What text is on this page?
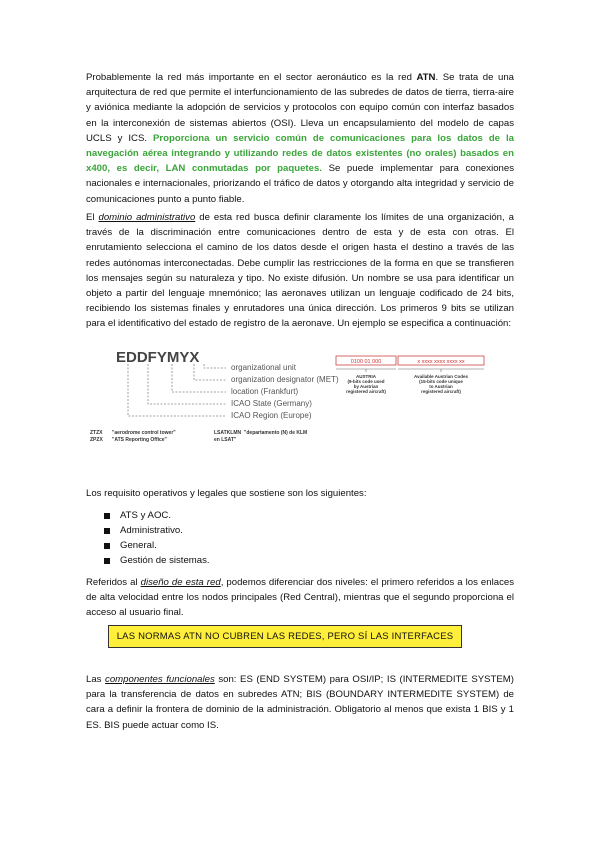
Probablemente la red más importante en el sector aeronáutico es la red ATN. Se trata de una arquitectura de red que permite el interfuncionamiento de las subredes de datos de tierra, tierra-aire y aviónica mediante la adopción de servicios y protocolos con equipo común con interfaz basados en la interconexión de sistemas abiertos (OSI). Lleva un encapsulamiento del modelo de capas UCLS y ICS. Proporciona un servicio común de comunicaciones para los datos de la navegación aérea integrando y utilizando redes de datos existentes (no orales) basados en x400, es decir, LAN conmutadas por paquetes. Se puede implementar para conexiones nacionales e internacionales, priorizando el tráfico de datos y otorgando alta integridad y servicio de comunicaciones punto a punto fiable.
El dominio administrativo de esta red busca definir claramente los límites de una organización, a través de la discriminación entre comunicaciones dentro de esta y de esta con otras. El enrutamiento selecciona el camino de los datos desde el origen hasta el destino a través de las redes autónomas interconectadas. Debe cumplir las restricciones de la forma en que se transfieren los mensajes según su naturaleza y tipo. No existe difusión. Un nombre se usa para identificar un objeto a partir del lenguaje mnemónico; las aeronaves utilizan un lenguaje codificado de 24 bits, recibiendo los sistemas finales y enrutadores una única dirección. Los primeros 9 bits se utilizan para el identificativo del estado de registro de la aeronave. Un ejemplo se especifica a continuación:
EDDFYMYX
organizational unit
organization designator (MET)
location (Frankfurt)
ICAO State (Germany)
ICAO Region (Europe)
ZTZX "aerodrome control tower"
ZPZX "ATS Reporting Office"
LSATKLMN "departamento (N) de KLM
en LSAT"
0100 01 000	x xxxx xxxx xxxx xx
AUSTRIA
(9-bits code used
by Austrian
registered aircraft)
Available Austrian Codes
(15-bits code unique
to Austrian
registered aircraft)
Los requisito operativos y legales que sostiene son los siguientes:
ATS y AOC.
Administrativo.
General.
Gestión de sistemas.
Referidos al diseño de esta red, podemos diferenciar dos niveles: el primero referidos a los enlaces de alta velocidad entre los nodos principales (Red Central), mientras que el segundo proporciona el acceso al usuario final.
LAS NORMAS ATN NO CUBREN LAS REDES, PERO SÍ LAS INTERFACES
Las componentes funcionales son: ES (END SYSTEM) para OSI/IP; IS (INTERMEDITE SYSTEM) para la transferencia de datos en subredes ATN; BIS (BOUNDARY INTERMEDITE SYSTEM) de cara a definir la frontera de dominio de la administración. Obligatorio al menos que exista 1 BIS y 1 ES. BIS puede actuar como IS.
